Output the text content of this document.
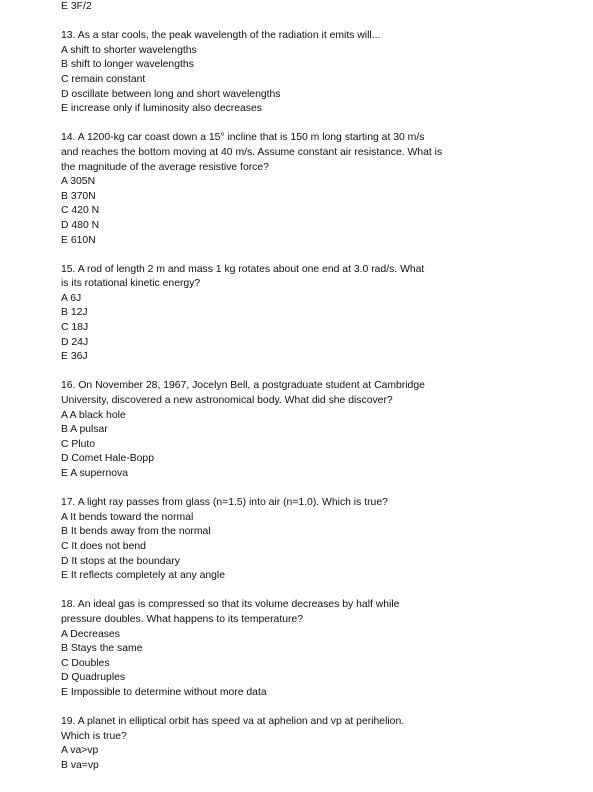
E 3F/2
13. As a star cools, the peak wavelength of the radiation it emits will...
A shift to shorter wavelengths
B shift to longer wavelengths
C remain constant
D oscillate between long and short wavelengths
E increase only if luminosity also decreases
14. A 1200-kg car coast down a 15° incline that is 150 m long starting at 30 m/s
and reaches the bottom moving at 40 m/s. Assume constant air resistance. What is
the magnitude of the average resistive force?
A 305N
B 370N
C 420 N
D 480 N
E 610N
15. A rod of length 2 m and mass 1 kg rotates about one end at 3.0 rad/s. What
is its rotational kinetic energy?
A 6J
B 12J
C 18J
D 24J
E 36J
16. On November 28, 1967, Jocelyn Bell, a postgraduate student at Cambridge
University, discovered a new astronomical body. What did she discover?
A A black hole
B A pulsar
C Pluto
D Comet Hale-Bopp
E A supernova
17. A light ray passes from glass (n=1.5) into air (n=1.0). Which is true?
A It bends toward the normal
B It bends away from the normal
C It does not bend
D It stops at the boundary
E It reflects completely at any angle
18. An ideal gas is compressed so that its volume decreases by half while
pressure doubles. What happens to its temperature?
A Decreases
B Stays the same
C Doubles
D Quadruples
E Impossible to determine without more data
19. A planet in elliptical orbit has speed va at aphelion and vp at perihelion.
Which is true?
A va>vp
B va=vp
